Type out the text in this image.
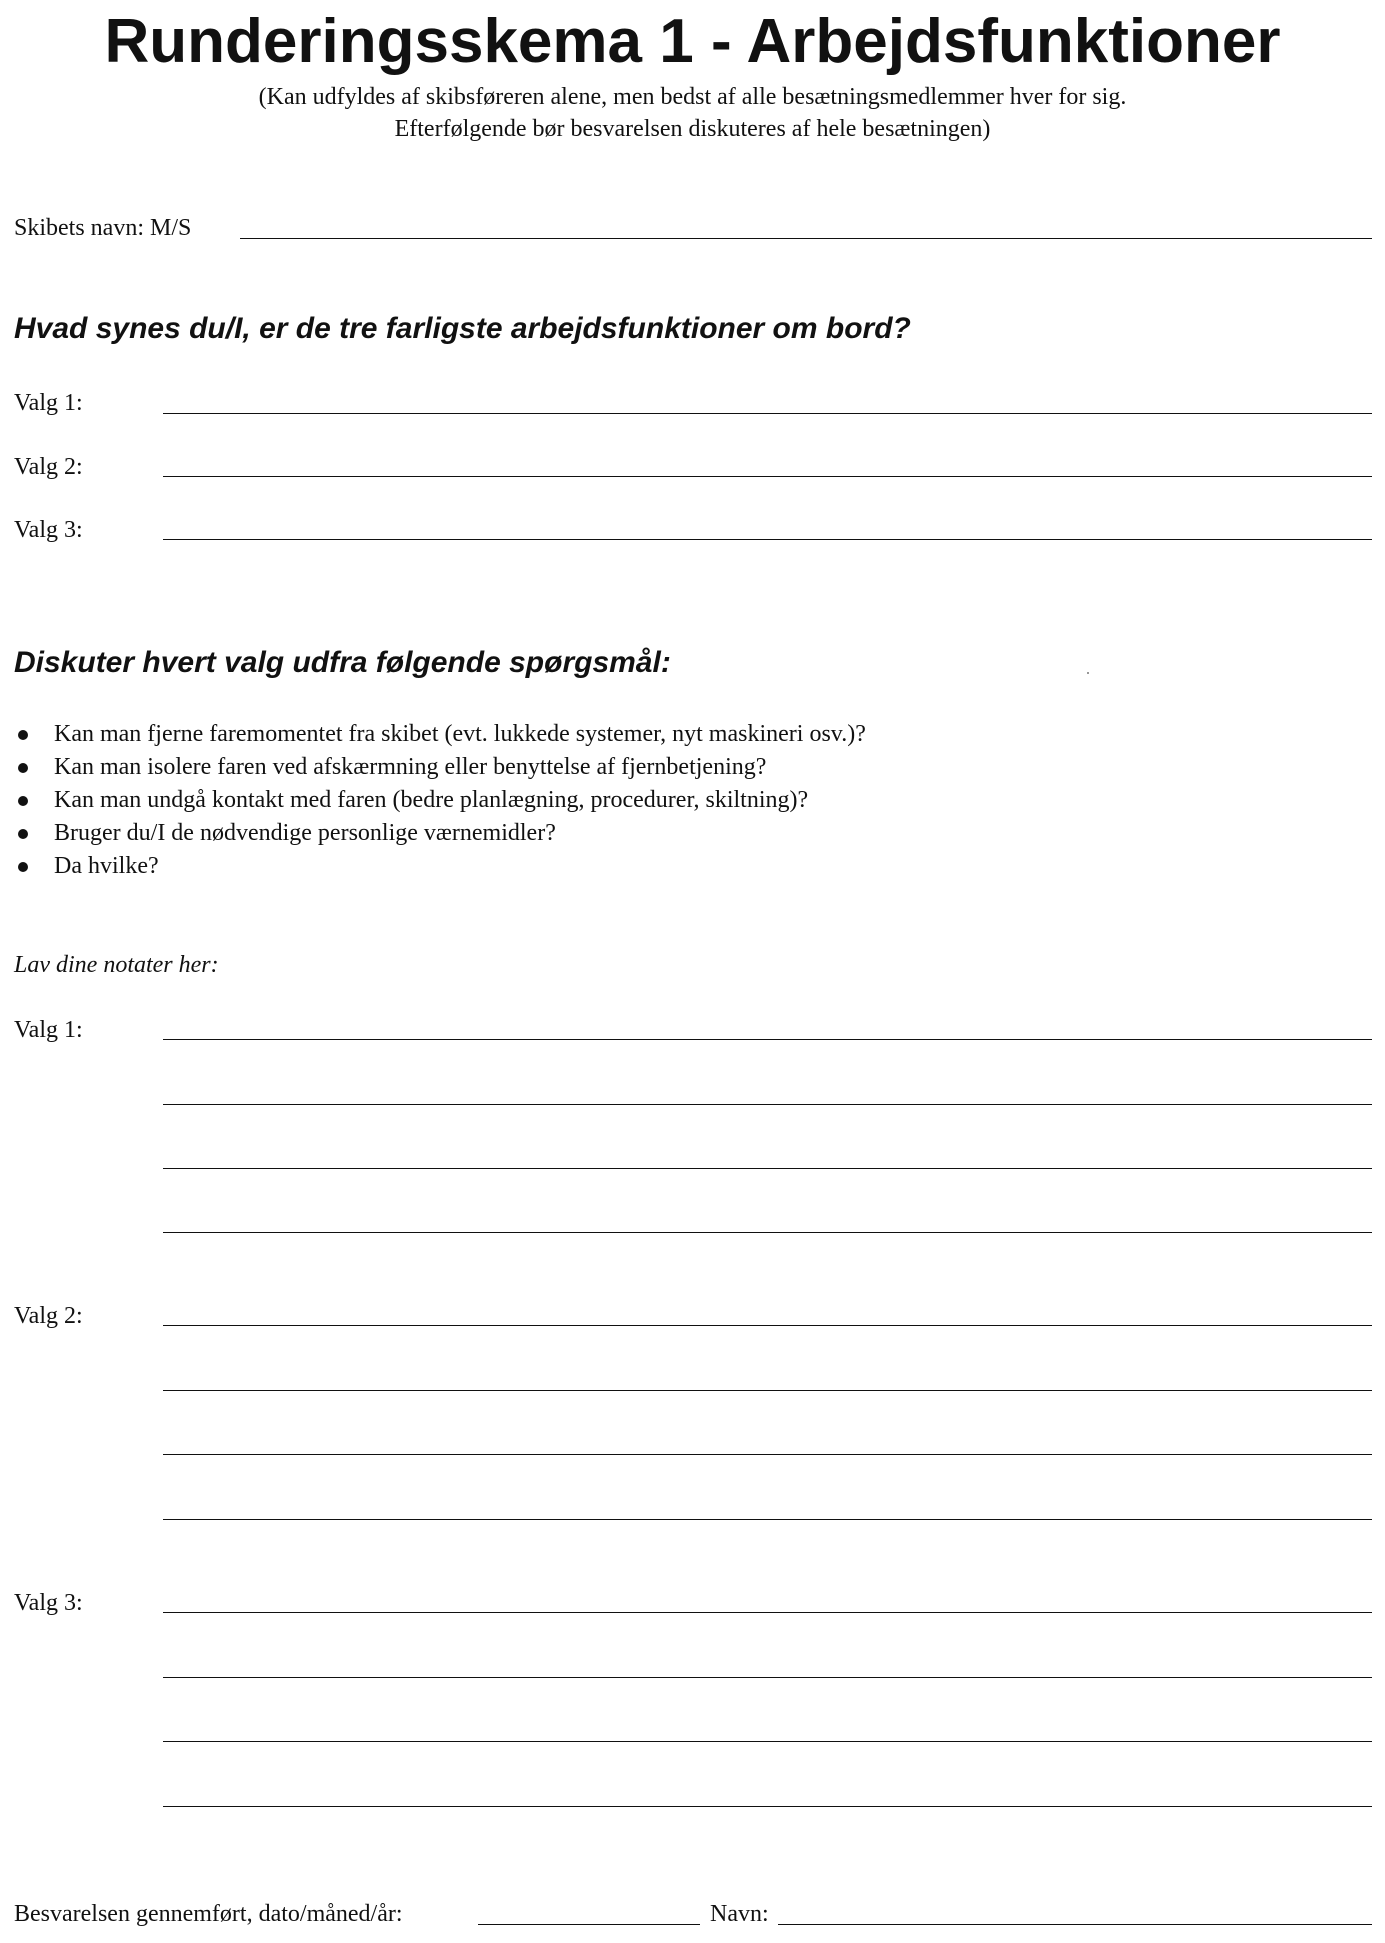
Runderingsskema 1 - Arbejdsfunktioner

(Kan udfyldes af skibsføreren alene, men bedst af alle besætningsmedlemmer hver for sig.

Efterfølgende bør besvarelsen diskuteres af hele besætningen)

Skibets navn: M/S

Hvad synes du/I, er de tre farligste arbejdsfunktioner om bord?

Valg 1:

Valg 2:

Valg 3:

Diskuter hvert valg udfra følgende spørgsmål:

Kan man fjerne faremomentet fra skibet (evt. lukkede systemer, nyt maskineri osv.)?
Kan man isolere faren ved afskærmning eller benyttelse af fjernbetjening?
Kan man undgå kontakt med faren (bedre planlægning, procedurer, skiltning)?
Bruger du/I de nødvendige personlige værnemidler?
Da hvilke?

Lav dine notater her:

Valg 1:

Valg 2:

Valg 3:

Besvarelsen gennemført, dato/måned/år:	Navn:
